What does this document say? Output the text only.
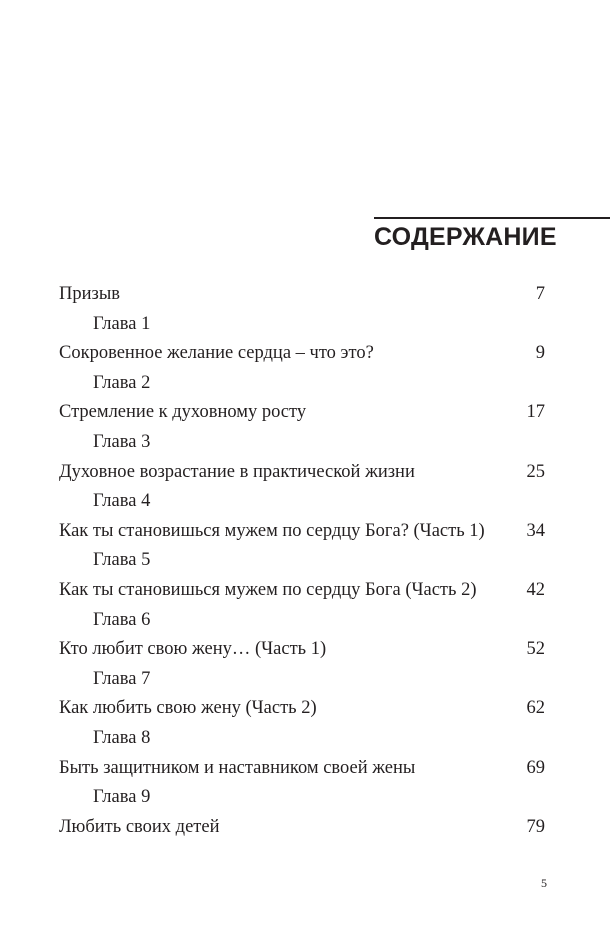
СОДЕРЖАНИЕ
Призыв	7
Глава 1
Сокровенное желание сердца – что это?	9
Глава 2
Стремление к духовному росту	17
Глава 3
Духовное возрастание в практической жизни	25
Глава 4
Как ты становишься мужем по сердцу Бога? (Часть 1) 34
Глава 5
Как ты становишься мужем по сердцу Бога (Часть 2)	42
Глава 6
Кто любит свою жену… (Часть 1)	52
Глава 7
Как любить свою жену (Часть 2)	62
Глава 8
Быть защитником и наставником своей жены	69
Глава 9
Любить своих детей	79
5
